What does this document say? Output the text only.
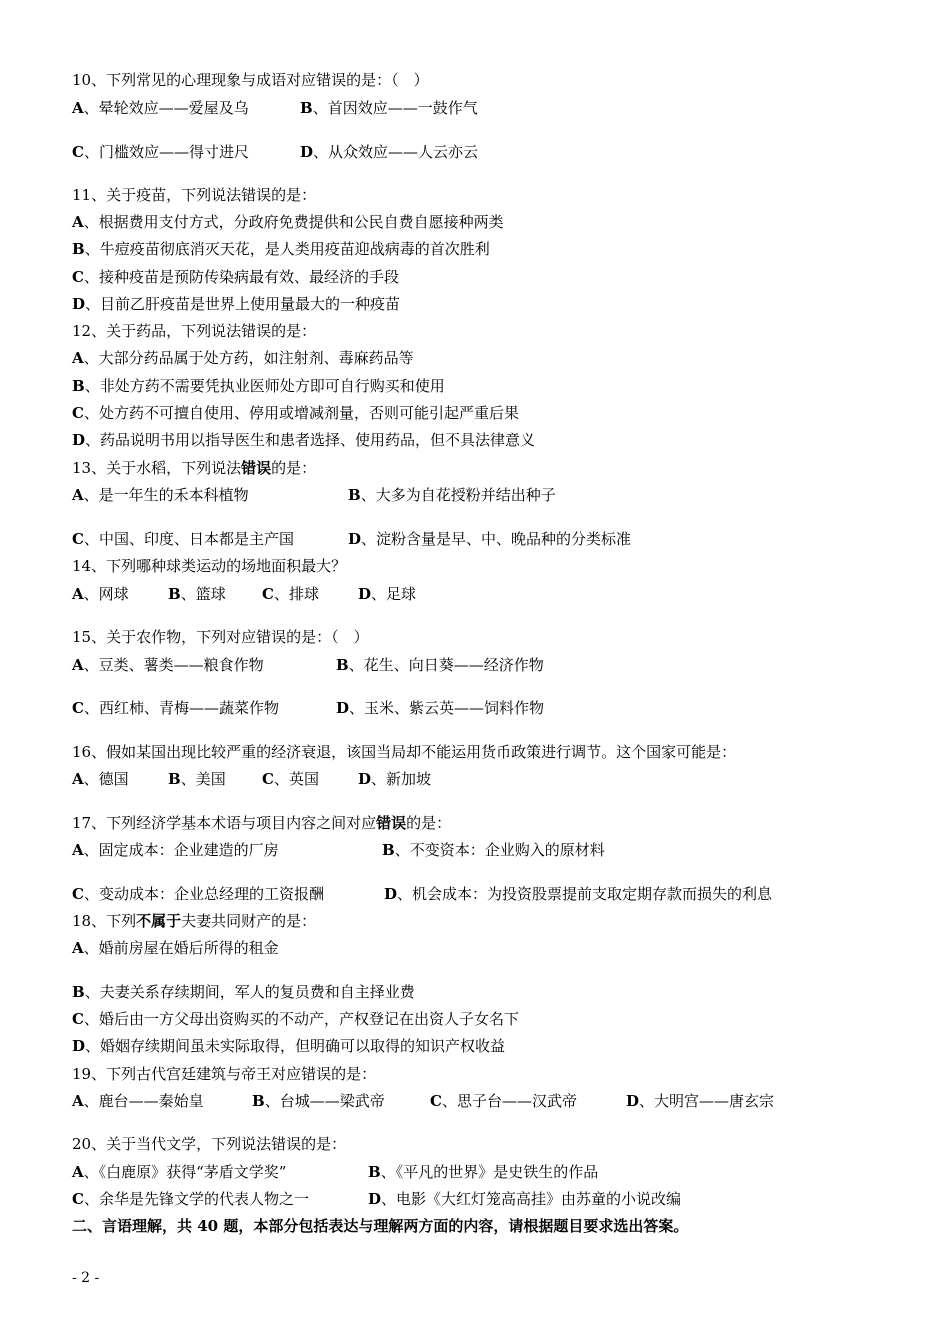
10、下列常见的心理现象与成语对应错误的是：（　）
A、晕轮效应——爱屋及乌	B、首因效应——一鼓作气
C、门槛效应——得寸进尺	D、从众效应——人云亦云
11、关于疫苗，下列说法错误的是：
A、根据费用支付方式，分政府免费提供和公民自费自愿接种两类
B、牛痘疫苗彻底消灭天花，是人类用疫苗迎战病毒的首次胜利
C、接种疫苗是预防传染病最有效、最经济的手段
D、目前乙肝疫苗是世界上使用量最大的一种疫苗
12、关于药品，下列说法错误的是：
A、大部分药品属于处方药，如注射剂、毒麻药品等
B、非处方药不需要凭执业医师处方即可自行购买和使用
C、处方药不可擅自使用、停用或增减剂量，否则可能引起严重后果
D、药品说明书用以指导医生和患者选择、使用药品，但不具法律意义
13、关于水稻，下列说法错误的是：
A、是一年生的禾本科植物	B、大多为自花授粉并结出种子
C、中国、印度、日本都是主产国	D、淀粉含量是早、中、晚品种的分类标准
14、下列哪种球类运动的场地面积最大？
A、网球	B、篮球 C、排球	D、足球
15、关于农作物，下列对应错误的是：（　）
A、豆类、薯类——粮食作物	B、花生、向日葵——经济作物
C、西红柿、青梅——蔬菜作物	D、玉米、紫云英——饲料作物
16、假如某国出现比较严重的经济衰退，该国当局却不能运用货币政策进行调节。这个国家可能是：
A、德国	B、美国 C、英国	D、新加坡
17、下列经济学基本术语与项目内容之间对应错误的是：
A、固定成本：企业建造的厂房	B、不变资本：企业购入的原材料
C、变动成本：企业总经理的工资报酬	D、机会成本：为投资股票提前支取定期存款而损失的利息
18、下列不属于夫妻共同财产的是：
A、婚前房屋在婚后所得的租金
B、夫妻关系存续期间，军人的复员费和自主择业费
C、婚后由一方父母出资购买的不动产，产权登记在出资人子女名下
D、婚姻存续期间虽未实际取得，但明确可以取得的知识产权收益
19、下列古代宫廷建筑与帝王对应错误的是：
A、鹿台——秦始皇	B、台城——梁武帝	C、思子台——汉武帝	D、大明宫——唐玄宗
20、关于当代文学，下列说法错误的是：
A、《白鹿原》获得“茅盾文学奖”	B、《平凡的世界》是史铁生的作品
C、余华是先锋文学的代表人物之一	D、电影《大红灯笼高高挂》由苏童的小说改编
二、言语理解，共 40 题，本部分包括表达与理解两方面的内容，请根据题目要求选出答案。
- 2 -
